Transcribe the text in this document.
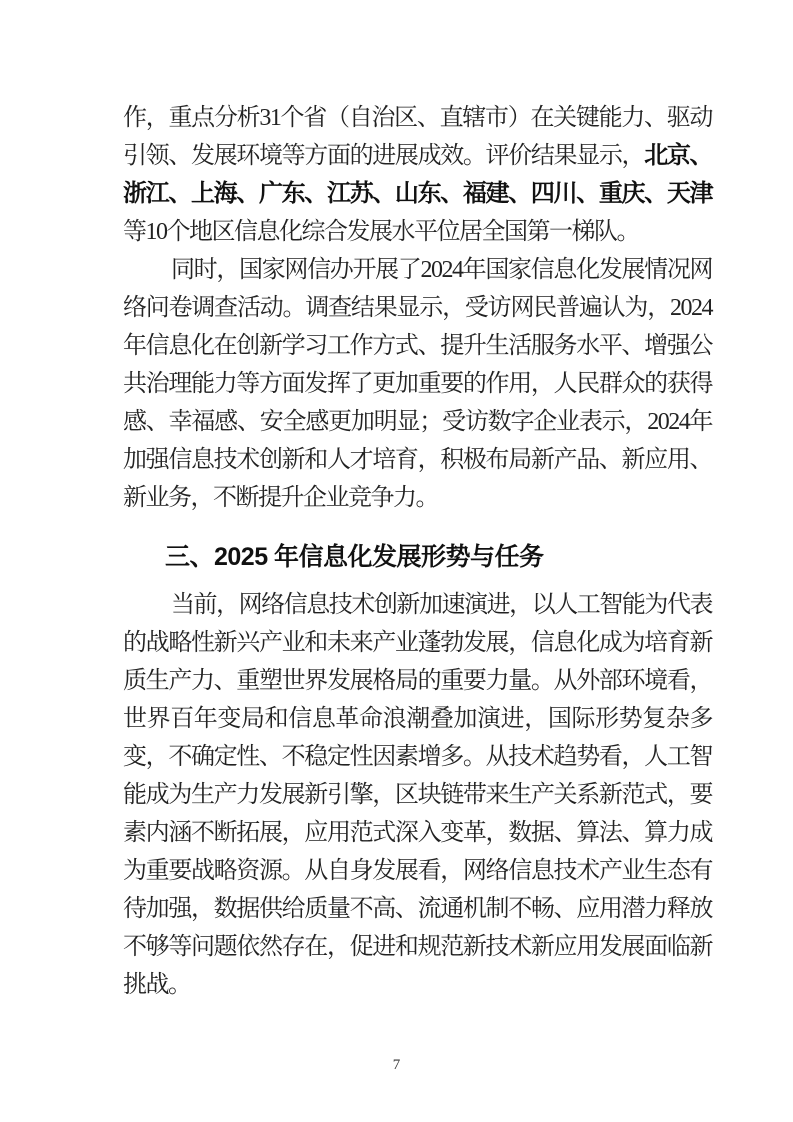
作，重点分析31个省（自治区、直辖市）在关键能力、驱动
引领、发展环境等方面的进展成效。评价结果显示，北京、
浙江、上海、广东、江苏、山东、福建、四川、重庆、天津
等10个地区信息化综合发展水平位居全国第一梯队。
同时，国家网信办开展了2024年国家信息化发展情况网
络问卷调查活动。调查结果显示，受访网民普遍认为，2024
年信息化在创新学习工作方式、提升生活服务水平、增强公
共治理能力等方面发挥了更加重要的作用，人民群众的获得
感、幸福感、安全感更加明显；受访数字企业表示，2024年
加强信息技术创新和人才培育，积极布局新产品、新应用、
新业务，不断提升企业竞争力。
三、2025 年信息化发展形势与任务
当前，网络信息技术创新加速演进，以人工智能为代表
的战略性新兴产业和未来产业蓬勃发展，信息化成为培育新
质生产力、重塑世界发展格局的重要力量。从外部环境看，
世界百年变局和信息革命浪潮叠加演进，国际形势复杂多
变，不确定性、不稳定性因素增多。从技术趋势看，人工智
能成为生产力发展新引擎，区块链带来生产关系新范式，要
素内涵不断拓展，应用范式深入变革，数据、算法、算力成
为重要战略资源。从自身发展看，网络信息技术产业生态有
待加强，数据供给质量不高、流通机制不畅、应用潜力释放
不够等问题依然存在，促进和规范新技术新应用发展面临新
挑战。
7
